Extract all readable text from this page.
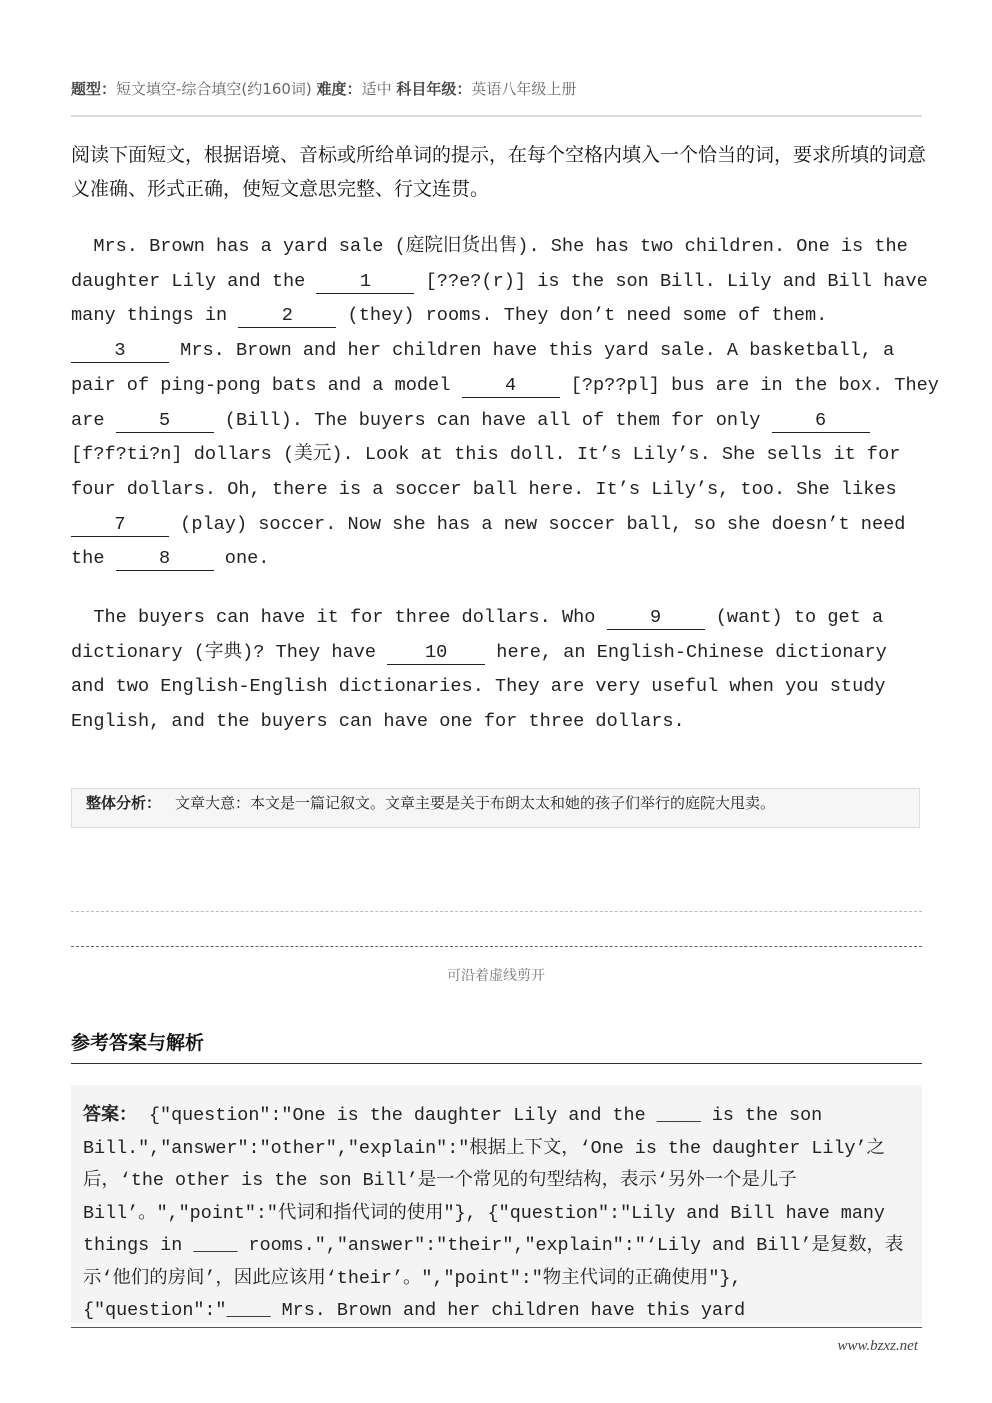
题型：短文填空-综合填空(约160词) 难度：适中 科目年级：英语八年级上册
阅读下面短文，根据语境、音标或所给单词的提示，在每个空格内填入一个恰当的词，要求所填的词意义准确、形式正确，使短文意思完整、行文连贯。
Mrs. Brown has a yard sale (庭院旧货出售). She has two children. One is the
daughter Lily and the 1 [??e?(r)] is the son Bill. Lily and Bill have
many things in 2 (they) rooms. They don’t need some of them.
3 Mrs. Brown and her children have this yard sale. A basketball, a
pair of ping-pong bats and a model 4 [?p??pl] bus are in the box. They
are 5 (Bill). The buyers can have all of them for only 6
[f?f?ti?n] dollars (美元). Look at this doll. It’s Lily’s. She sells it for
four dollars. Oh, there is a soccer ball here. It’s Lily’s, too. She likes
7 (play) soccer. Now she has a new soccer ball, so she doesn’t need
the 8 one.
The buyers can have it for three dollars. Who 9 (want) to get a
dictionary (字典)? They have 10 here, an English-Chinese dictionary
and two English-English dictionaries. They are very useful when you study
English, and the buyers can have one for three dollars.
整体分析： 文章大意：本文是一篇记叙文。文章主要是关于布朗太太和她的孩子们举行的庭院大甩卖。
可沿着虚线剪开
参考答案与解析
答案： {"question":"One is the daughter Lily and the ____ is the son Bill.","answer":"other","explain":"根据上下文，‘One is the daughter Lily’之后，‘the other is the son Bill’是一个常见的句型结构，表示‘另外一个是儿子Bill’。","point":"代词和指代词的使用"}, {"question":"Lily and Bill have many things in ____ rooms.","answer":"their","explain":"‘Lily and Bill’是复数，表示‘他们的房间’，因此应该用‘their’。","point":"物主代词的正确使用"}, {"question":"____ Mrs. Brown and her children have this yard
www.bzxz.net
